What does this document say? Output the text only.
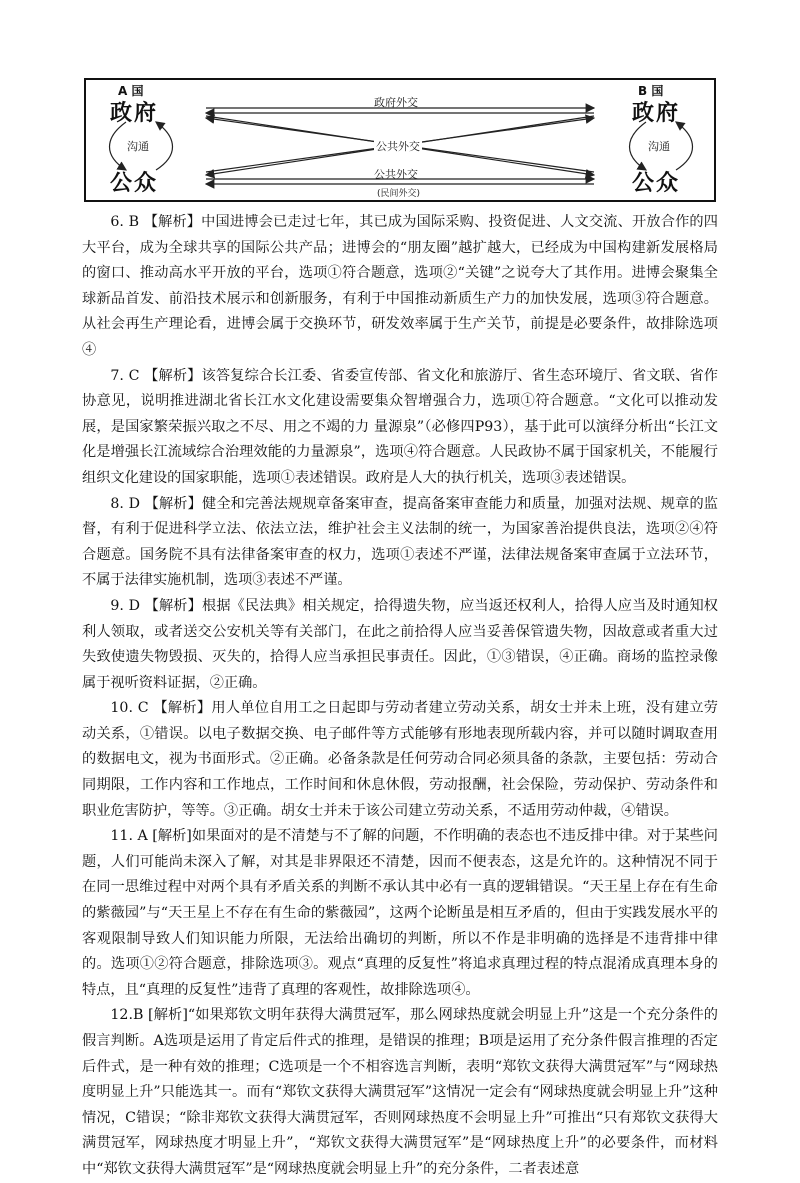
A 国	B 国
政府	政府
沟通	沟通
公众	公众
政府外交
公共外交
公共外交
(民间外交)

6. B 【解析】中国进博会已走过七年，其已成为国际采购、投资促进、人文交流、开放合作的四大平台，成为全球共享的国际公共产品；进博会的“朋友圈”越扩越大，已经成为中国构建新发展格局的窗口、推动高水平开放的平台，选项①符合题意，选项②“关键”之说夸大了其作用。进博会聚集全球新品首发、前沿技术展示和创新服务，有利于中国推动新质生产力的加快发展，选项③符合题意。从社会再生产理论看，进博会属于交换环节，研发效率属于生产关节，前提是必要条件，故排除选项④

7. C 【解析】该答复综合长江委、省委宣传部、省文化和旅游厅、省生态环境厅、省文联、省作协意见，说明推进湖北省长江水文化建设需要集众智增强合力，选项①符合题意。“文化可以推动发展，是国家繁荣振兴取之不尽、用之不竭的力 量源泉”（必修四P93），基于此可以演绎分析出“长江文化是增强长江流域综合治理效能的力量源泉”，选项④符合题意。人民政协不属于国家机关，不能履行组织文化建设的国家职能，选项①表述错误。政府是人大的执行机关，选项③表述错误。

8. D 【解析】健全和完善法规规章备案审查，提高备案审查能力和质量，加强对法规、规章的监督，有利于促进科学立法、依法立法，维护社会主义法制的统一，为国家善治提供良法，选项②④符合题意。国务院不具有法律备案审查的权力，选项①表述不严谨，法律法规备案审查属于立法环节，不属于法律实施机制，选项③表述不严谨。

9. D 【解析】根据《民法典》相关规定，拾得遗失物，应当返还权利人，拾得人应当及时通知权利人领取，或者送交公安机关等有关部门，在此之前拾得人应当妥善保管遗失物，因故意或者重大过失致使遗失物毁损、灭失的，拾得人应当承担民事责任。因此，①③错误，④正确。商场的监控录像属于视听资料证据，②正确。

10. C 【解析】用人单位自用工之日起即与劳动者建立劳动关系，胡女士并未上班，没有建立劳动关系，①错误。以电子数据交换、电子邮件等方式能够有形地表现所载内容，并可以随时调取查用的数据电文，视为书面形式。②正确。必备条款是任何劳动合同必须具备的条款，主要包括：劳动合同期限，工作内容和工作地点，工作时间和休息休假，劳动报酬，社会保险，劳动保护、劳动条件和职业危害防护，等等。③正确。胡女士并未于该公司建立劳动关系，不适用劳动仲裁，④错误。

11. A [解析]如果面对的是不清楚与不了解的问题，不作明确的表态也不违反排中律。对于某些问题，人们可能尚未深入了解，对其是非界限还不清楚，因而不便表态，这是允许的。这种情况不同于在同一思维过程中对两个具有矛盾关系的判断不承认其中必有一真的逻辑错误。“天王星上存在有生命的紫薇园”与“天王星上不存在有生命的紫薇园”，这两个论断虽是相互矛盾的，但由于实践发展水平的客观限制导致人们知识能力所限，无法给出确切的判断，所以不作是非明确的选择是不违背排中律的。选项①②符合题意，排除选项③。观点“真理的反复性”将追求真理过程的特点混淆成真理本身的特点，且“真理的反复性”违背了真理的客观性，故排除选项④。

12.B [解析]“如果郑钦文明年获得大满贯冠军，那么网球热度就会明显上升”这是一个充分条件的假言判断。A选项是运用了肯定后件式的推理，是错误的推理；B项是运用了充分条件假言推理的否定后件式，是一种有效的推理；C选项是一个不相容选言判断，表明“郑钦文获得大满贯冠军”与“网球热度明显上升”只能选其一。而有“郑钦文获得大满贯冠军”这情况一定会有“网球热度就会明显上升”这种情况，C错误；“除非郑钦文获得大满贯冠军，否则网球热度不会明显上升”可推出“只有郑钦文获得大满贯冠军，网球热度才明显上升”，“郑钦文获得大满贯冠军”是“网球热度上升”的必要条件，而材料中“郑钦文获得大满贯冠军”是“网球热度就会明显上升”的充分条件，二者表述意
